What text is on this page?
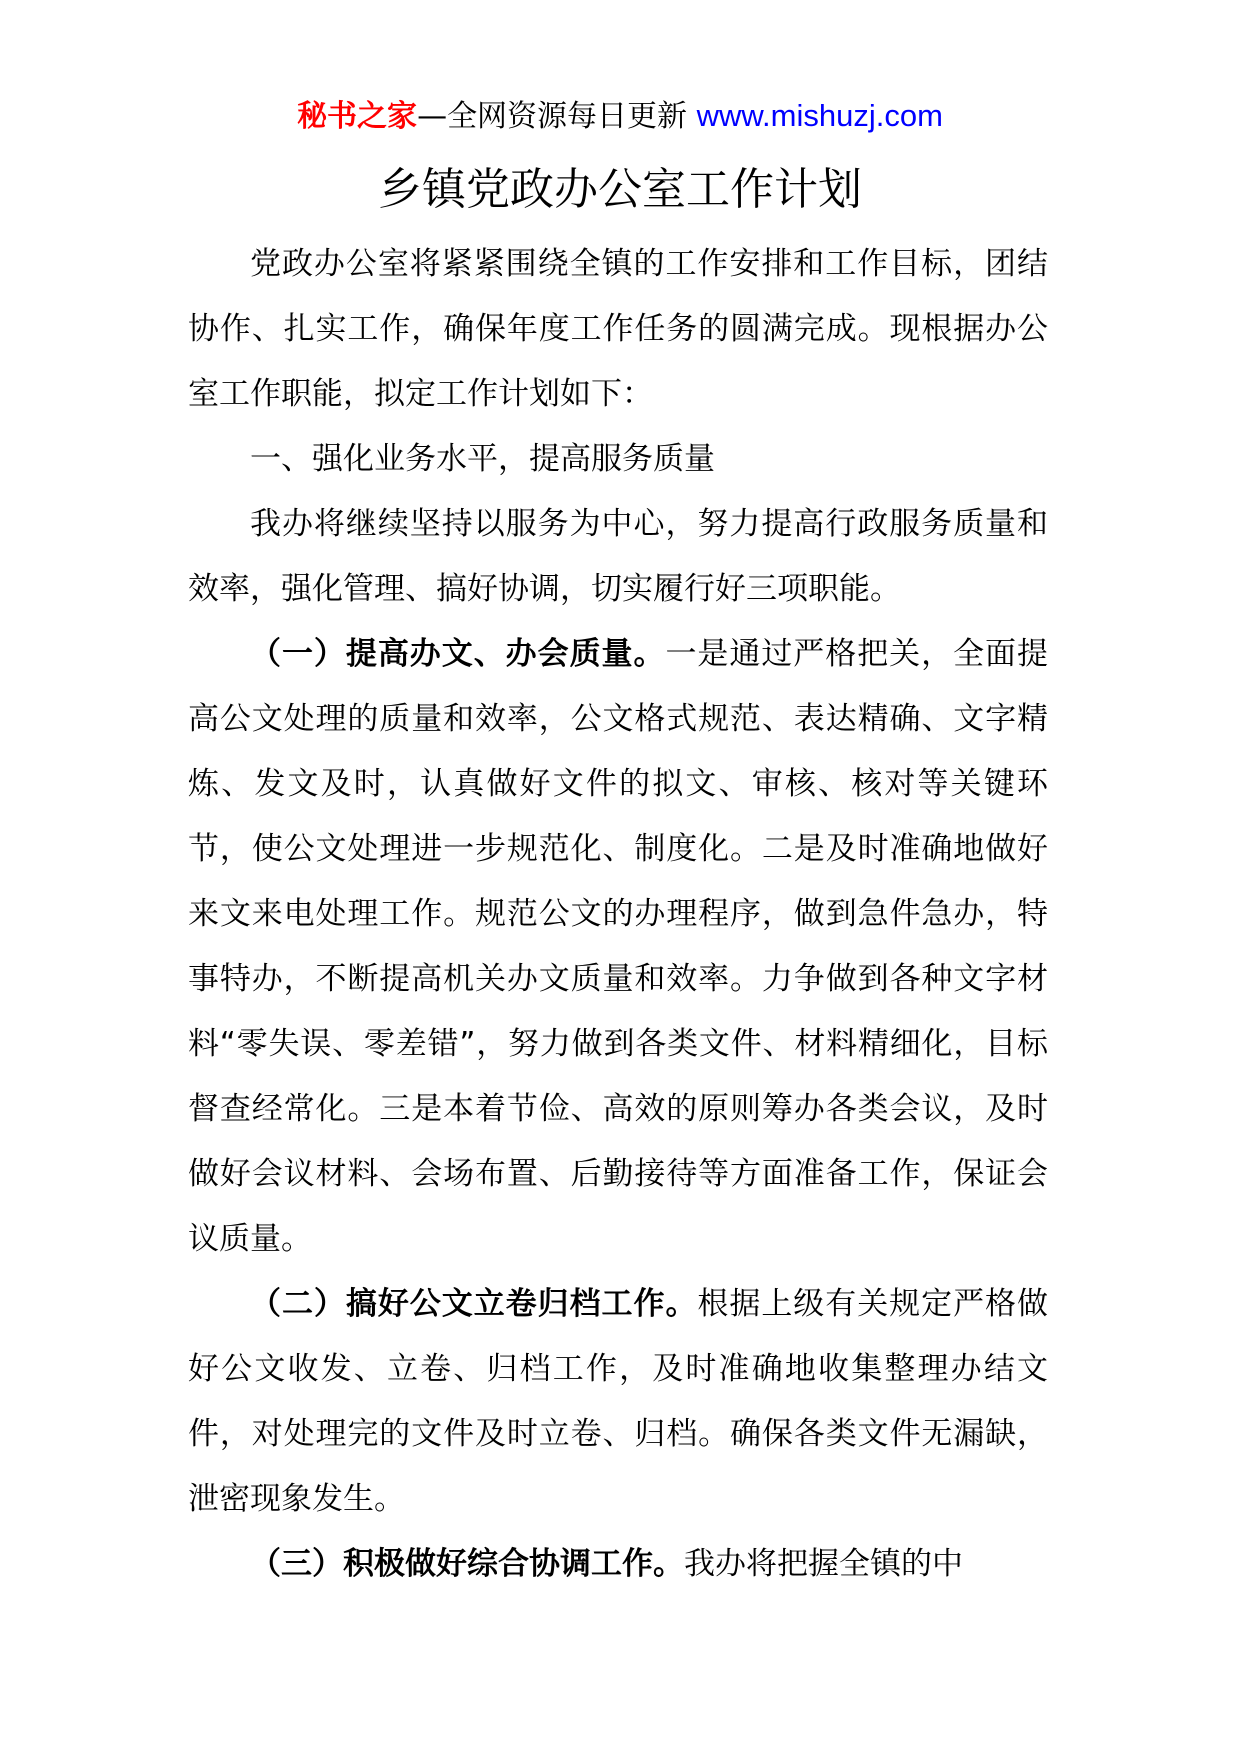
秘书之家—全网资源每日更新 www.mishuzj.com
乡镇党政办公室工作计划

党政办公室将紧紧围绕全镇的工作安排和工作目标，团结协作、扎实工作，确保年度工作任务的圆满完成。现根据办公室工作职能，拟定工作计划如下：

一、强化业务水平，提高服务质量

我办将继续坚持以服务为中心，努力提高行政服务质量和效率，强化管理、搞好协调，切实履行好三项职能。

（一）提高办文、办会质量。一是通过严格把关，全面提高公文处理的质量和效率，公文格式规范、表达精确、文字精炼、发文及时，认真做好文件的拟文、审核、核对等关键环节，使公文处理进一步规范化、制度化。二是及时准确地做好来文来电处理工作。规范公文的办理程序，做到急件急办，特事特办，不断提高机关办文质量和效率。力争做到各种文字材料“零失误、零差错”，努力做到各类文件、材料精细化，目标督查经常化。三是本着节俭、高效的原则筹办各类会议，及时做好会议材料、会场布置、后勤接待等方面准备工作，保证会议质量。

（二）搞好公文立卷归档工作。根据上级有关规定严格做好公文收发、立卷、归档工作，及时准确地收集整理办结文件，对处理完的文件及时立卷、归档。确保各类文件无漏缺，泄密现象发生。

（三）积极做好综合协调工作。我办将把握全镇的中
